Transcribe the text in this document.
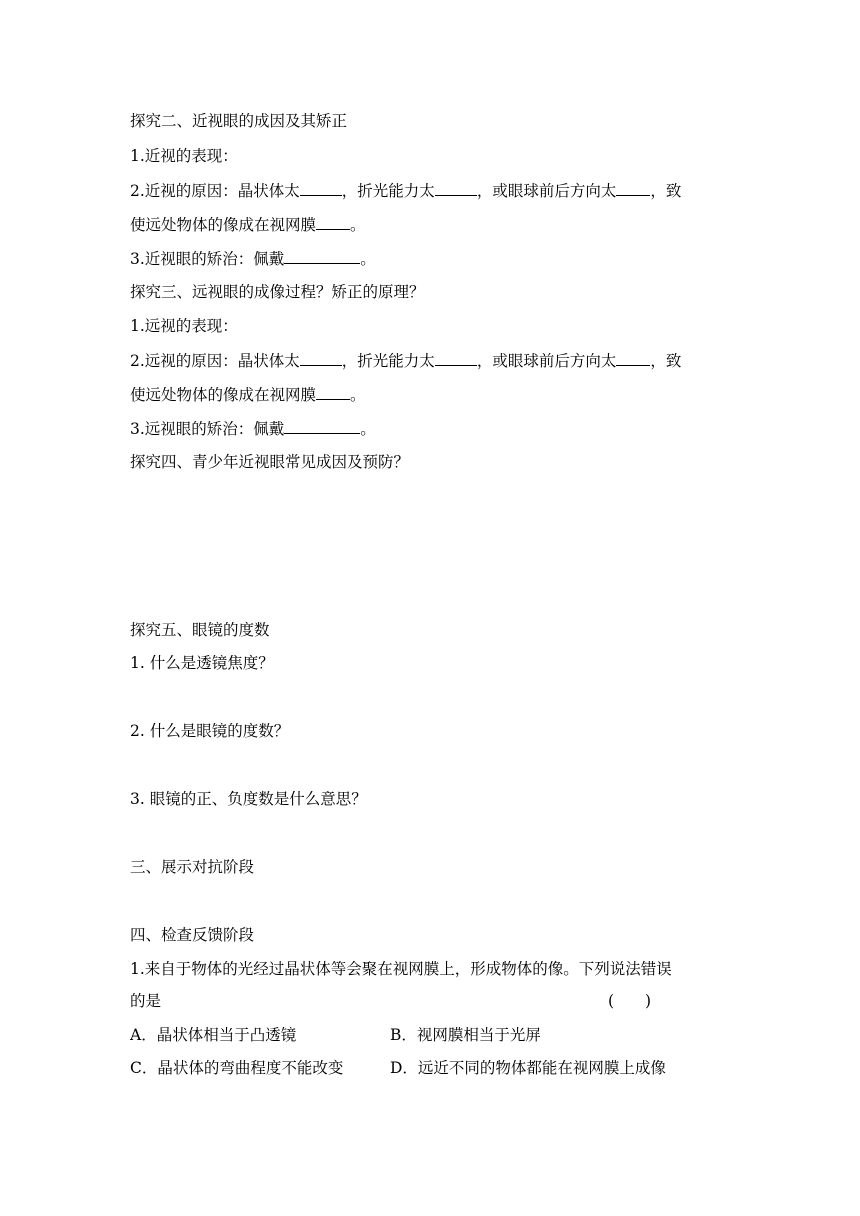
探究二、近视眼的成因及其矫正
1.近视的表现：
2.近视的原因：晶状体太	，折光能力太	，或眼球前后方向太 ，致
使远处物体的像成在视网膜 。
3.近视眼的矫治：佩戴	。
探究三、远视眼的成像过程？矫正的原理？
1.远视的表现：
2.远视的原因：晶状体太	，折光能力太	，或眼球前后方向太 ，致
使远处物体的像成在视网膜 。
3.远视眼的矫治：佩戴	。
探究四、青少年近视眼常见成因及预防？
探究五、眼镜的度数
1. 什么是透镜焦度？
2. 什么是眼镜的度数？
3. 眼镜的正、负度数是什么意思？
三、展示对抗阶段
四、检查反馈阶段
1.来自于物体的光经过晶状体等会聚在视网膜上，形成物体的像。下列说法错误
的是	(　　)
A．晶状体相当于凸透镜	B．视网膜相当于光屏
C．晶状体的弯曲程度不能改变	D．远近不同的物体都能在视网膜上成像
